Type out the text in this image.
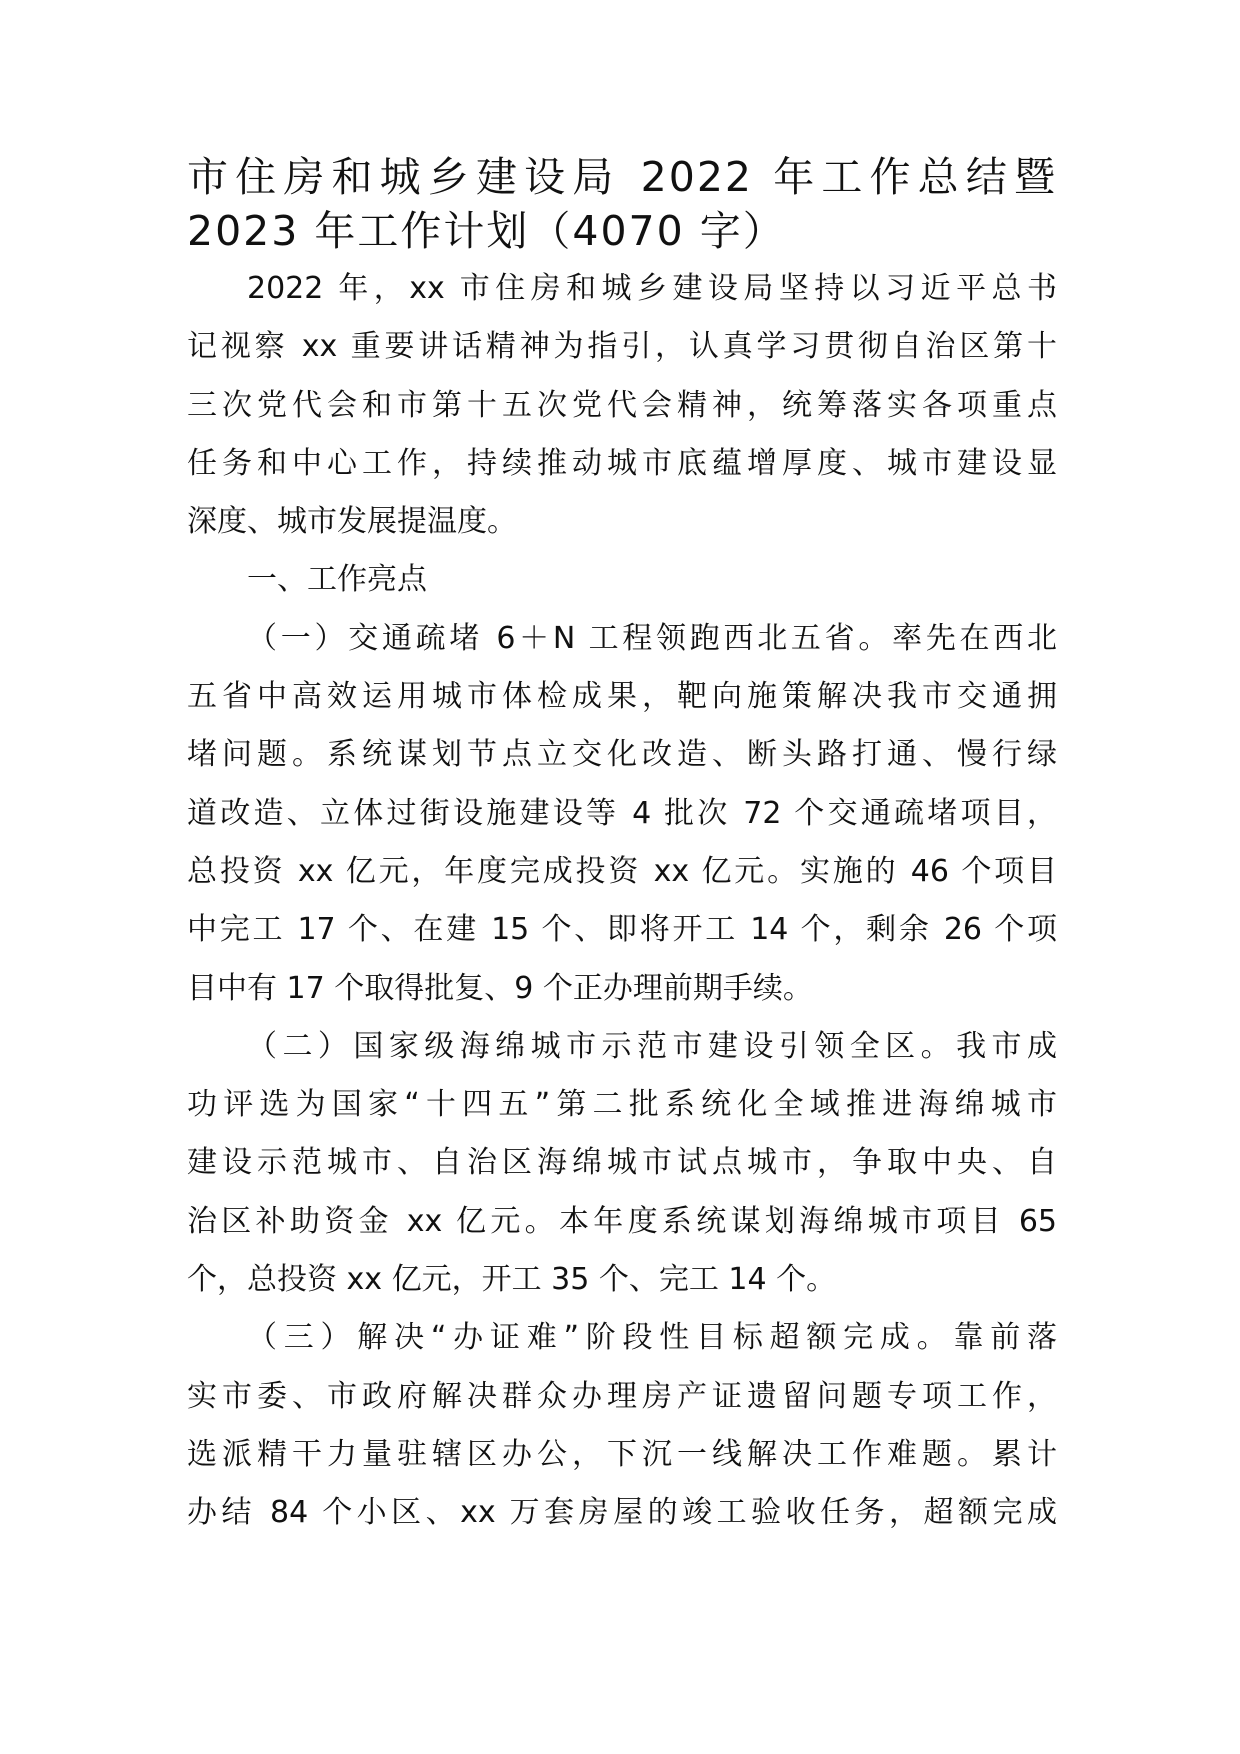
市住房和城乡建设局 2022 年工作总结暨
2023 年工作计划（4070 字）
2022 年，xx 市住房和城乡建设局坚持以习近平总书
记视察 xx 重要讲话精神为指引，认真学习贯彻自治区第十
三次党代会和市第十五次党代会精神，统筹落实各项重点
任务和中心工作，持续推动城市底蕴增厚度、城市建设显
深度、城市发展提温度。
一、工作亮点
（一）交通疏堵 6＋N 工程领跑西北五省。率先在西北
五省中高效运用城市体检成果，靶向施策解决我市交通拥
堵问题。系统谋划节点立交化改造、断头路打通、慢行绿
道改造、立体过街设施建设等 4 批次 72 个交通疏堵项目，
总投资 xx 亿元，年度完成投资 xx 亿元。实施的 46 个项目
中完工 17 个、在建 15 个、即将开工 14 个，剩余 26 个项
目中有 17 个取得批复、9 个正办理前期手续。
（二）国家级海绵城市示范市建设引领全区。我市成
功评选为国家“十四五”第二批系统化全域推进海绵城市
建设示范城市、自治区海绵城市试点城市，争取中央、自
治区补助资金 xx 亿元。本年度系统谋划海绵城市项目 65
个，总投资 xx 亿元，开工 35 个、完工 14 个。
（三）解决“办证难”阶段性目标超额完成。靠前落
实市委、市政府解决群众办理房产证遗留问题专项工作，
选派精干力量驻辖区办公，下沉一线解决工作难题。累计
办结 84 个小区、xx 万套房屋的竣工验收任务，超额完成
